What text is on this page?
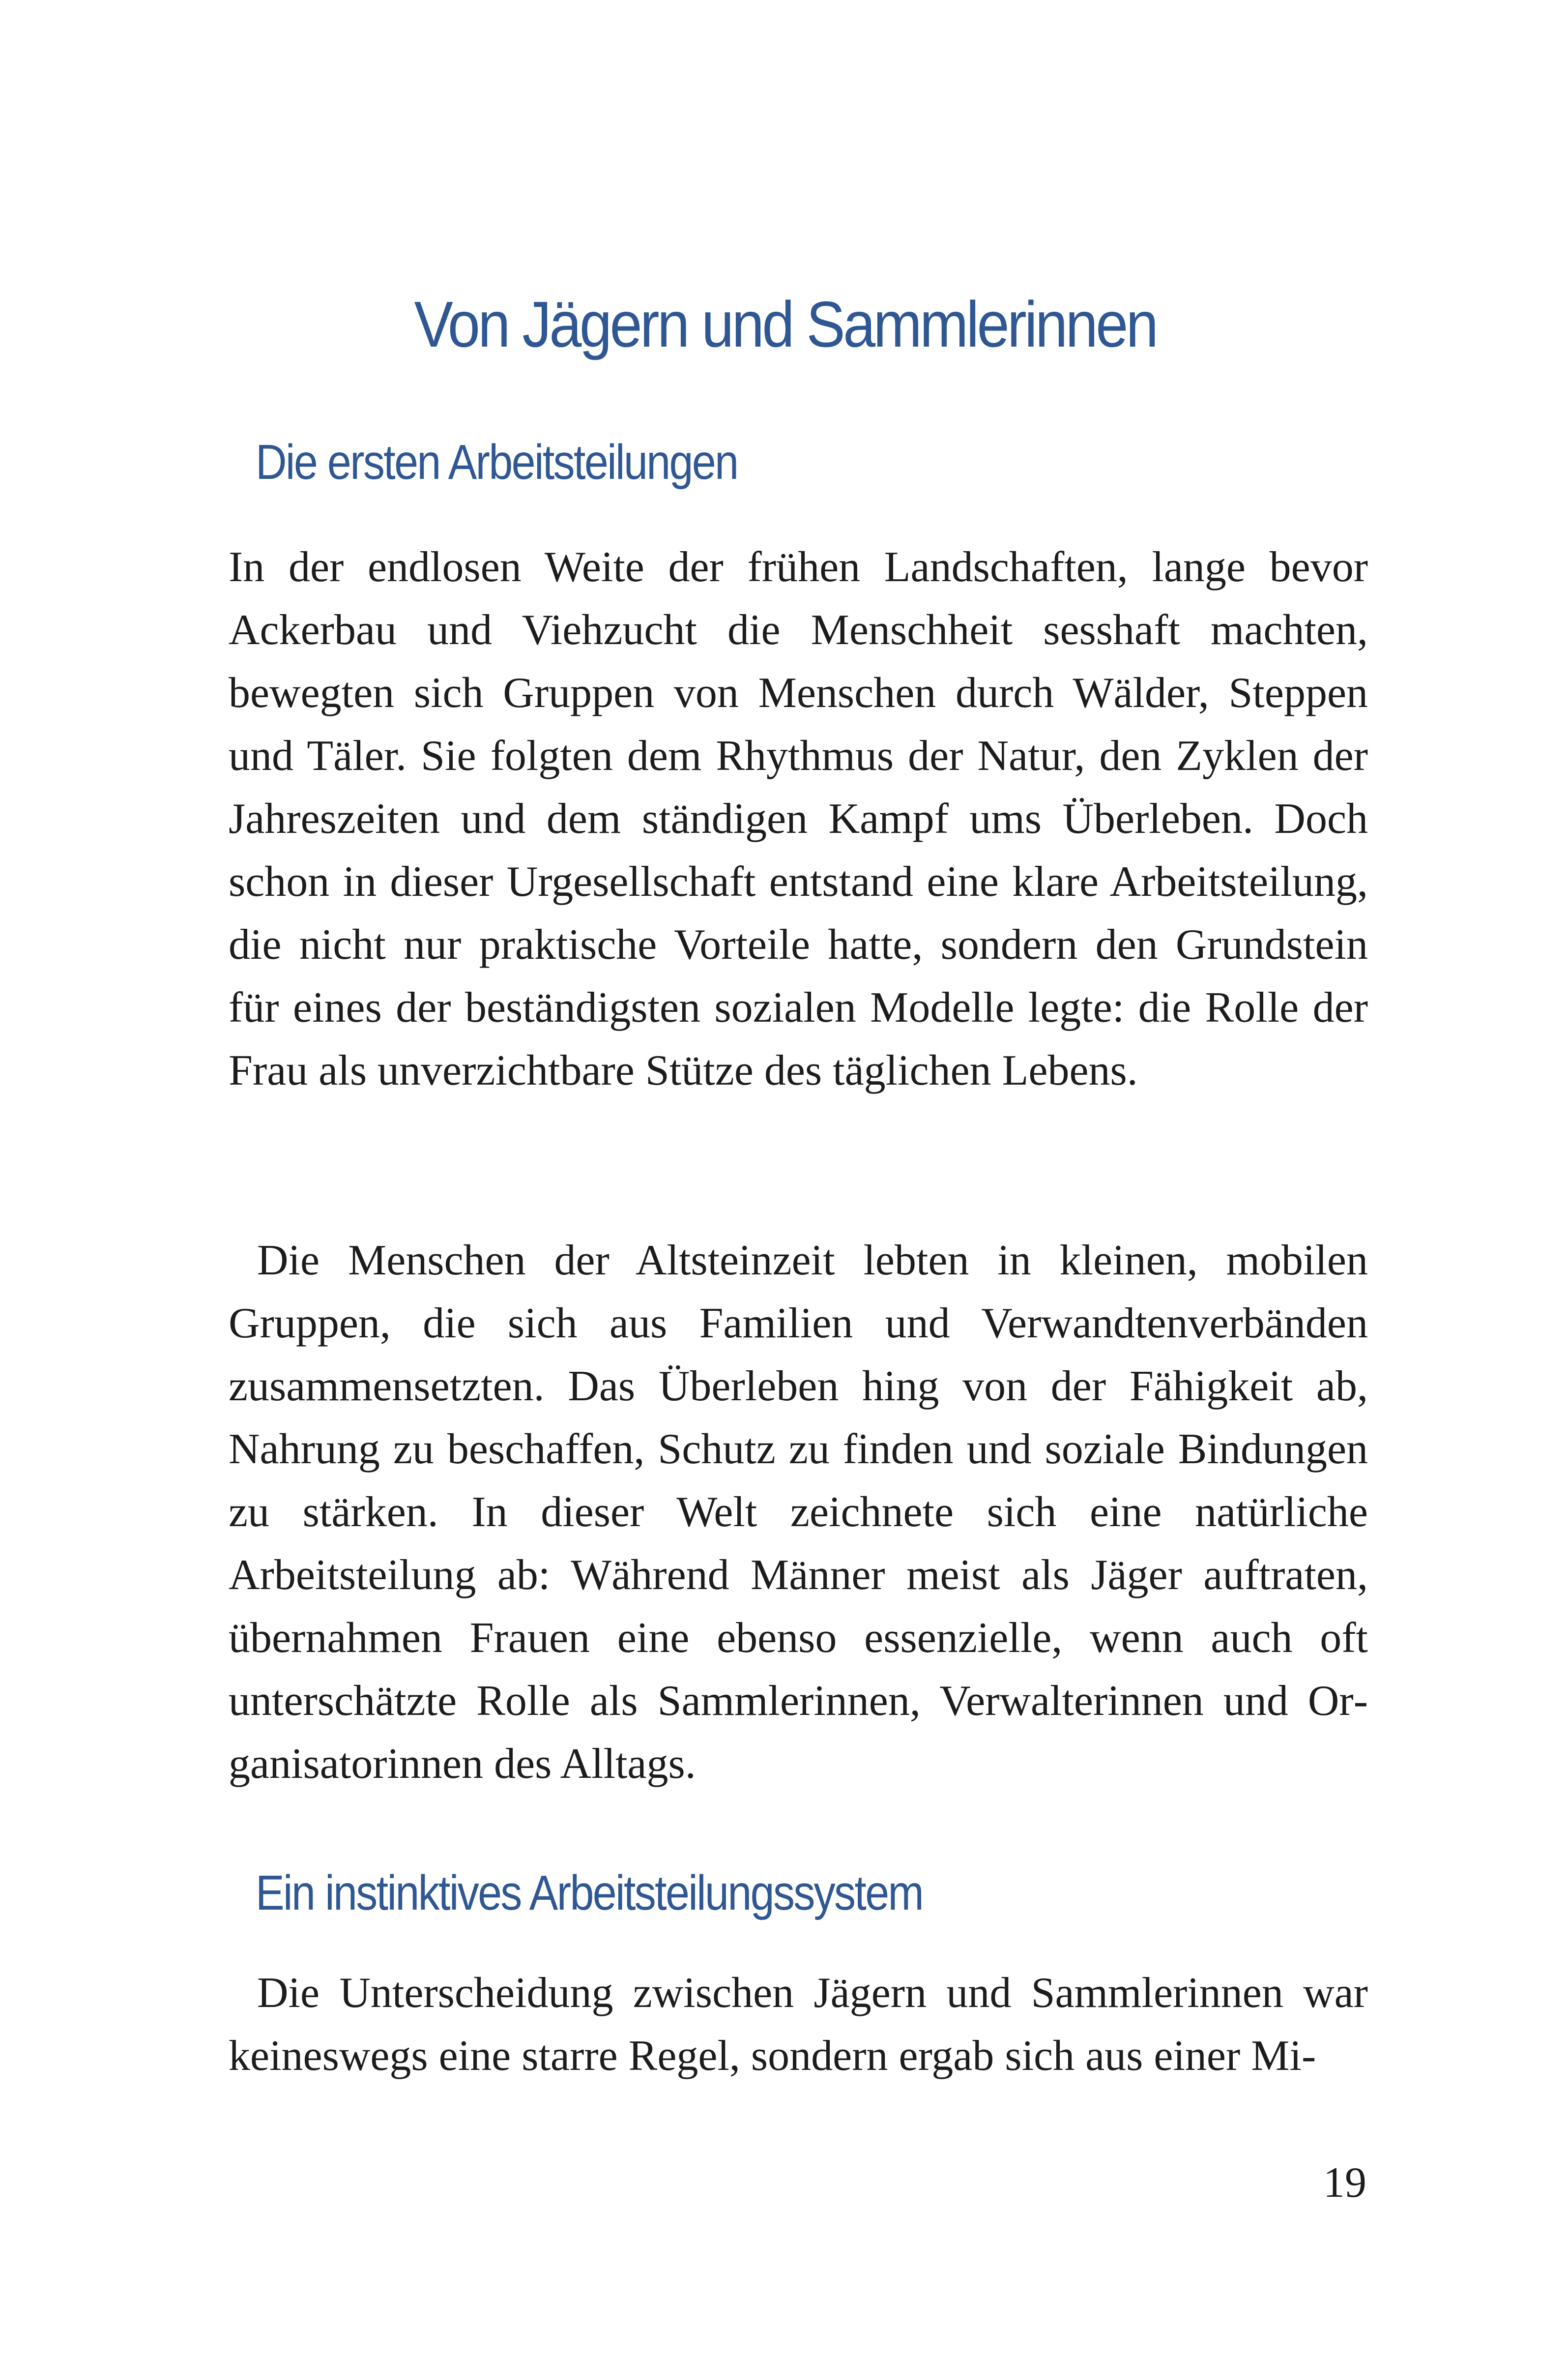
Von Jägern und Sammlerinnen
Die ersten Arbeitsteilungen

In der endlosen Weite der frühen Landschaften, lange bevor Ackerbau und Viehzucht die Menschheit sesshaft machten, bewegten sich Gruppen von Menschen durch Wälder, Steppen und Täler. Sie folgten dem Rhythmus der Natur, den Zyklen der Jahreszeiten und dem ständigen Kampf ums Überleben. Doch schon in dieser Urgesellschaft entstand eine klare Arbeitsteilung, die nicht nur praktische Vorteile hatte, sondern den Grundstein für eines der beständigsten sozialen Modelle legte: die Rolle der Frau als unverzichtbare Stütze des täglichen Lebens.

Die Menschen der Altsteinzeit lebten in kleinen, mobilen Gruppen, die sich aus Familien und Verwandtenverbänden zusammensetzten. Das Überleben hing von der Fähigkeit ab, Nahrung zu beschaffen, Schutz zu finden und soziale Bindungen zu stärken. In dieser Welt zeichnete sich eine natürliche Arbeitsteilung ab: Während Männer meist als Jäger auftraten, übernahmen Frauen eine ebenso essenzielle, wenn auch oft unterschätzte Rolle als Sammlerinnen, Verwalterinnen und Organisatorinnen des Alltags.

Ein instinktives Arbeitsteilungssystem

Die Unterscheidung zwischen Jägern und Sammlerinnen war keineswegs eine starre Regel, sondern ergab sich aus einer Mi-

19
